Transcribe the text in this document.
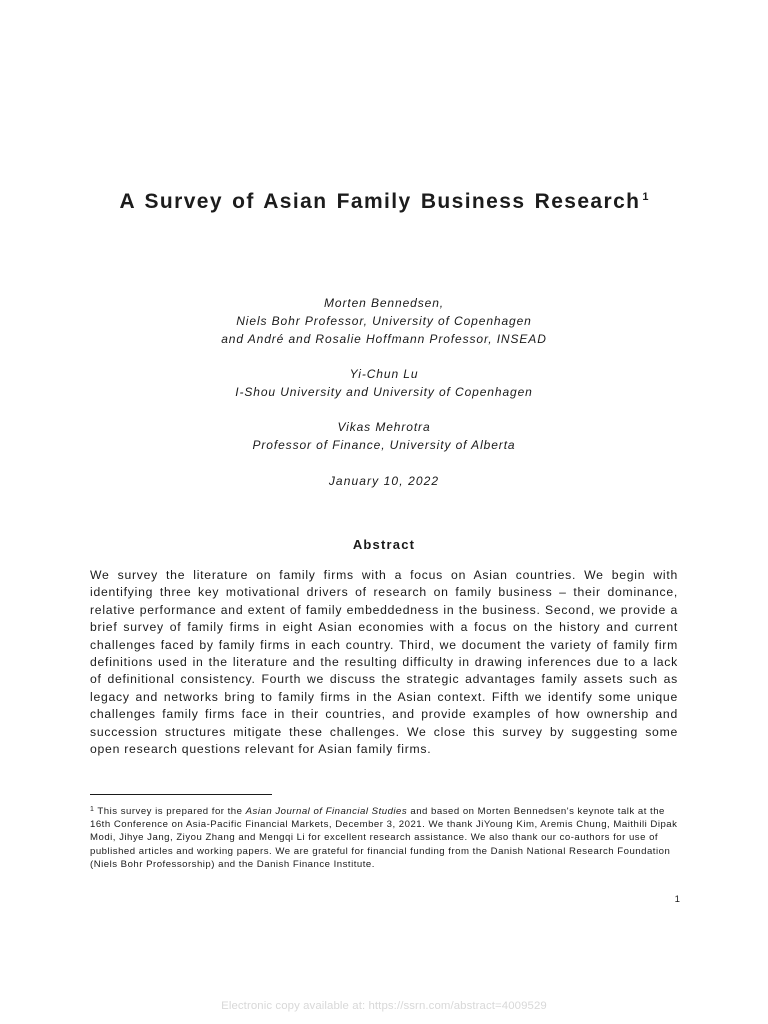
A Survey of Asian Family Business Research $^1$
Morten Bennedsen,
Niels Bohr Professor, University of Copenhagen
and André and Rosalie Hoffmann Professor, INSEAD
Yi-Chun Lu
I-Shou University and University of Copenhagen
Vikas Mehrotra
Professor of Finance, University of Alberta
January 10, 2022
Abstract
We survey the literature on family firms with a focus on Asian countries. We begin with identifying three key motivational drivers of research on family business – their dominance, relative performance and extent of family embeddedness in the business. Second, we provide a brief survey of family firms in eight Asian economies with a focus on the history and current challenges faced by family firms in each country. Third, we document the variety of family firm definitions used in the literature and the resulting difficulty in drawing inferences due to a lack of definitional consistency. Fourth we discuss the strategic advantages family assets such as legacy and networks bring to family firms in the Asian context. Fifth we identify some unique challenges family firms face in their countries, and provide examples of how ownership and succession structures mitigate these challenges. We close this survey by suggesting some open research questions relevant for Asian family firms.
$^1$ This survey is prepared for the Asian Journal of Financial Studies and based on Morten Bennedsen's keynote talk at the 16th Conference on Asia-Pacific Financial Markets, December 3, 2021. We thank JiYoung Kim, Aremis Chung, Maithili Dipak Modi, Jihye Jang, Ziyou Zhang and Mengqi Li for excellent research assistance. We also thank our co-authors for use of published articles and working papers. We are grateful for financial funding from the Danish National Research Foundation (Niels Bohr Professorship) and the Danish Finance Institute.
1
Electronic copy available at: https://ssrn.com/abstract=4009529
